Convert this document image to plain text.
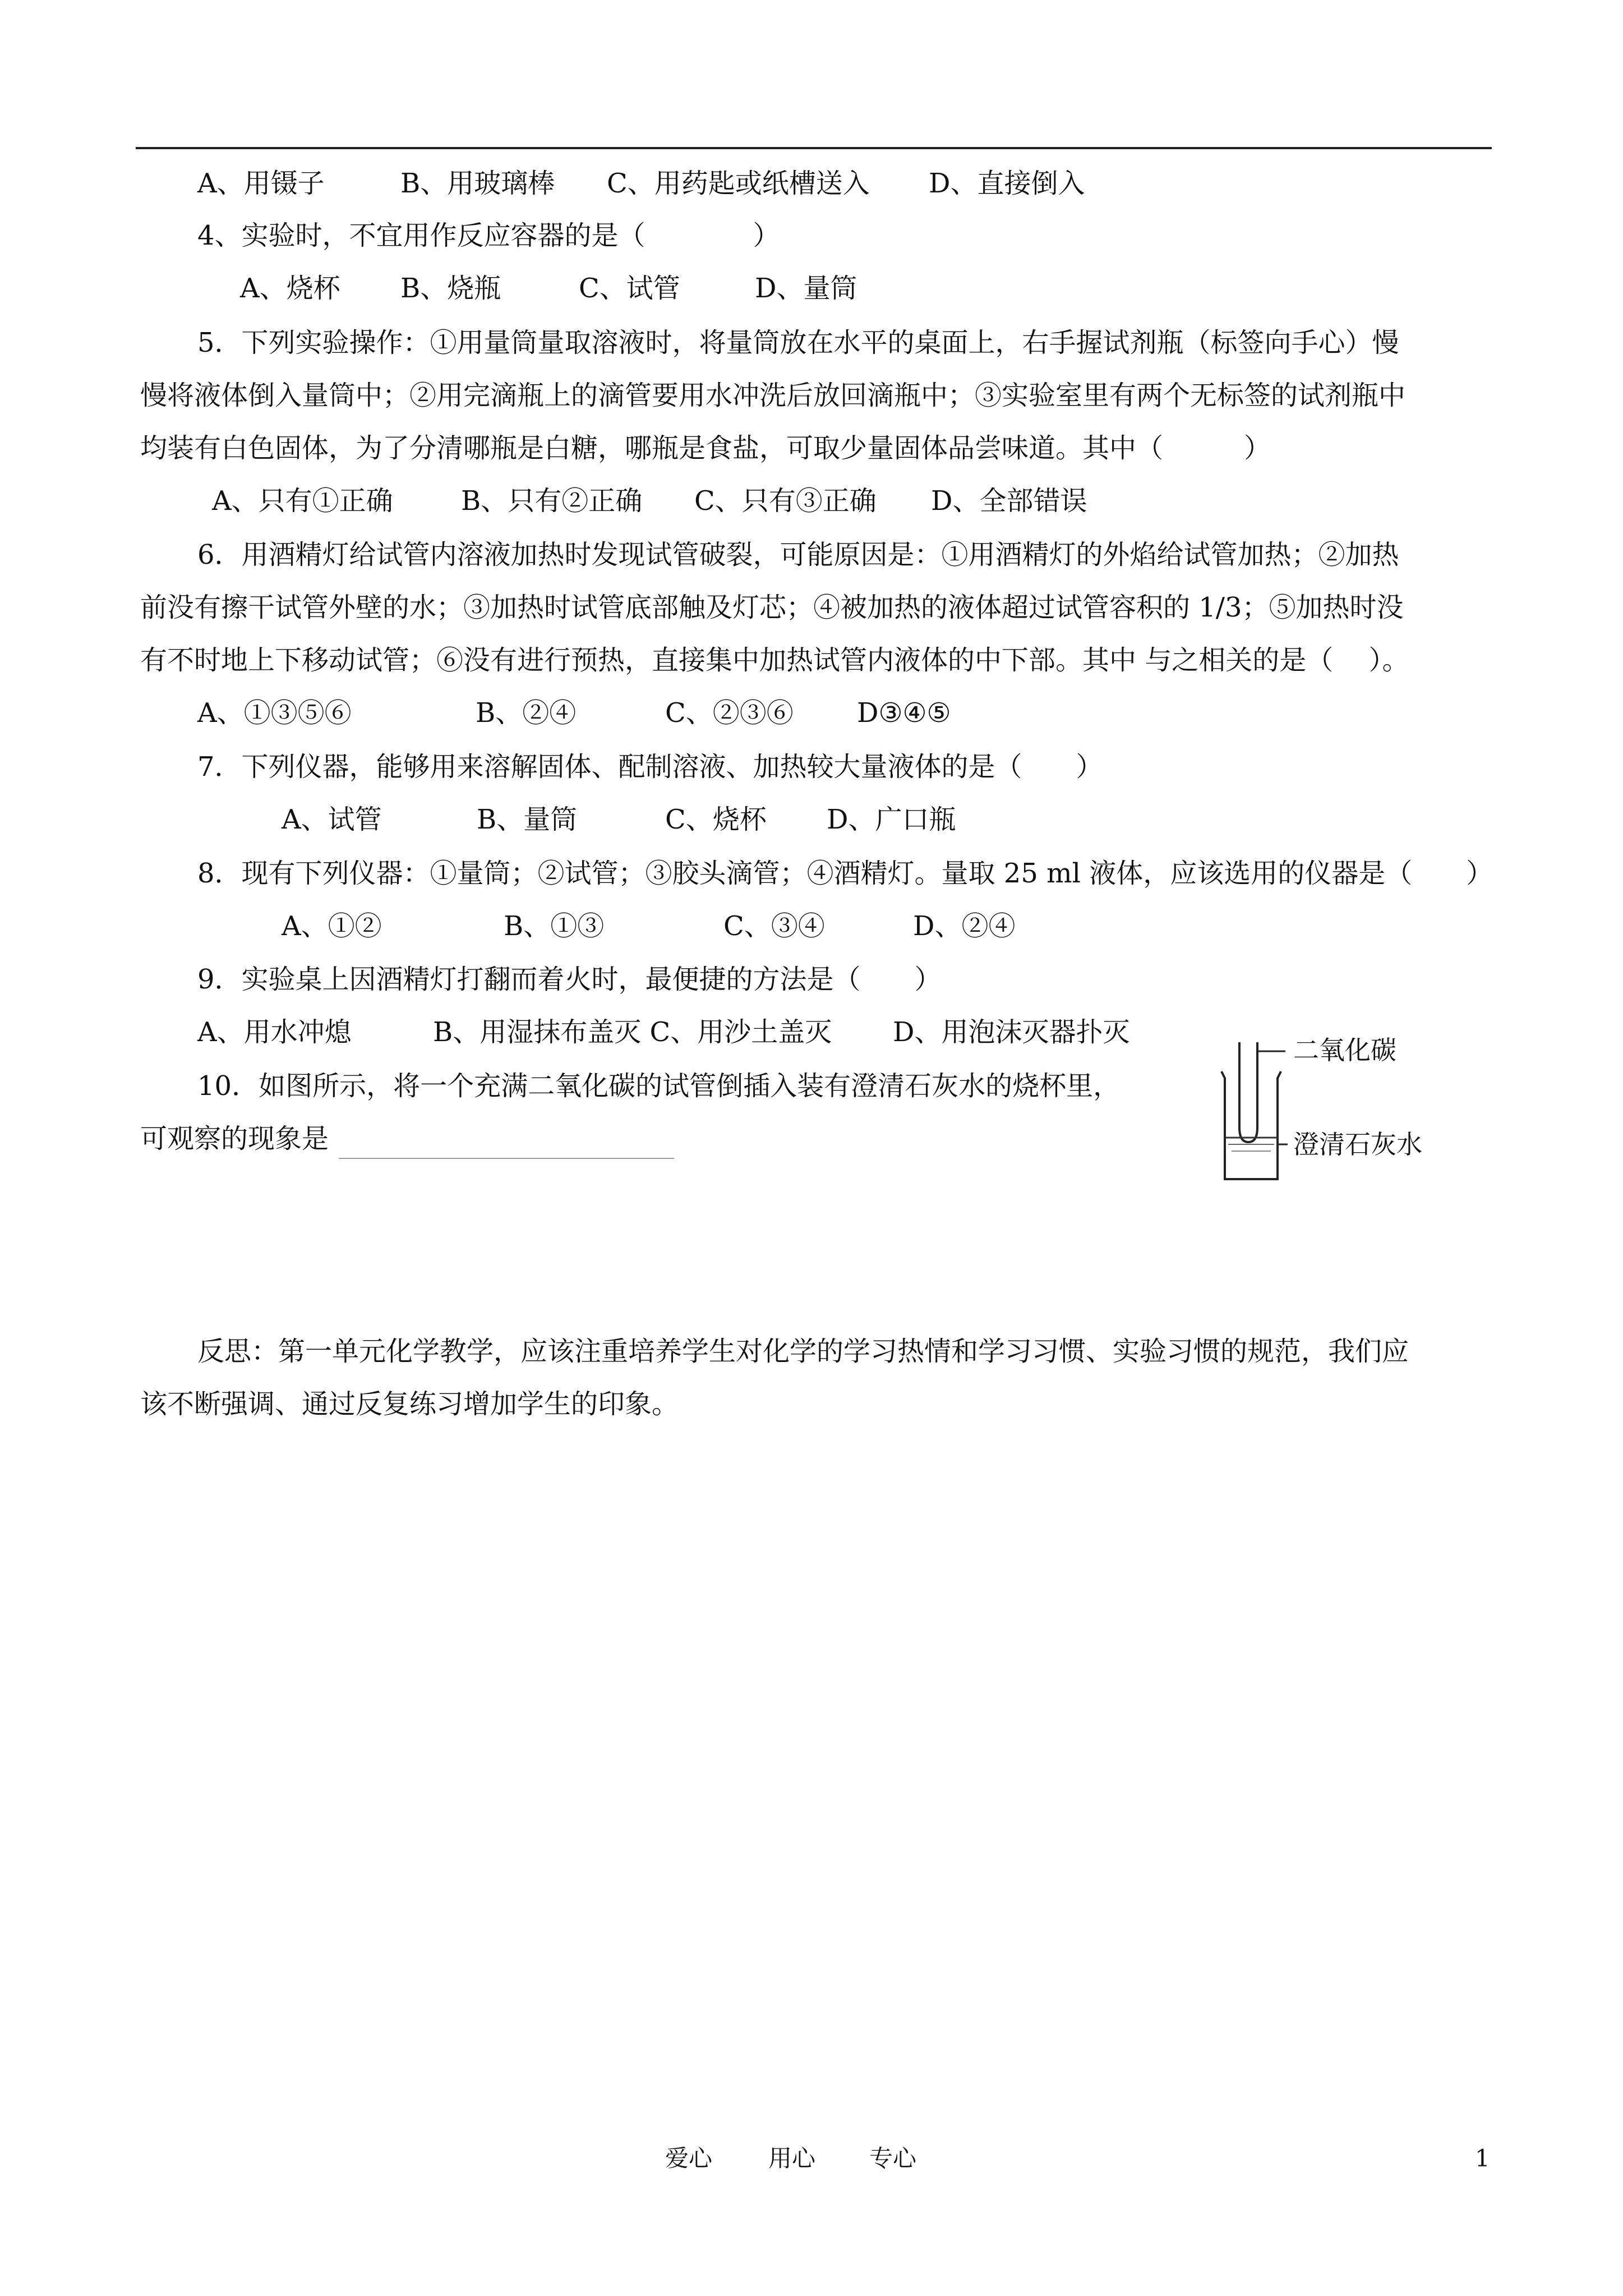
A、用镊子	B、用玻璃棒 C、用药匙或纸槽送入 D、直接倒入
4、实验时，不宜用作反应容器的是（　　　　）
A、烧杯 B、烧瓶	C、试管	D、量筒
5．下列实验操作：①用量筒量取溶液时，将量筒放在水平的桌面上，右手握试剂瓶（标签向手心）慢
慢将液体倒入量筒中；②用完滴瓶上的滴管要用水冲洗后放回滴瓶中；③实验室里有两个无标签的试剂瓶中
均装有白色固体，为了分清哪瓶是白糖，哪瓶是食盐，可取少量固体品尝味道。其中（　　　）
A、只有①正确	B、只有②正确 C、只有③正确 D、全部错误
6．用酒精灯给试管内溶液加热时发现试管破裂，可能原因是：①用酒精灯的外焰给试管加热；②加热
前没有擦干试管外壁的水；③加热时试管底部触及灯芯；④被加热的液体超过试管容积的 1/3；⑤加热时没
有不时地上下移动试管；⑥没有进行预热，直接集中加热试管内液体的中下部。其中 与之相关的是（　 ）。
A、①③⑤⑥	B、②④	C、②③⑥ D③④⑤
7．下列仪器，能够用来溶解固体、配制溶液、加热较大量液体的是（　　）
A、试管	B、量筒	C、烧杯 D、广口瓶
8．现有下列仪器：①量筒；②试管；③胶头滴管；④酒精灯。量取 25 ml 液体，应该选用的仪器是（　　）
A、①②	B、①③	C、③④	D、②④
9．实验桌上因酒精灯打翻而着火时，最便捷的方法是（　　）
A、用水冲熄	B、用湿抹布盖灭 C、用沙土盖灭 D、用泡沫灭器扑灭
10．如图所示，将一个充满二氧化碳的试管倒插入装有澄清石灰水的烧杯里，
可观察的现象是
二氧化碳
澄清石灰水
反思：第一单元化学教学，应该注重培养学生对化学的学习热情和学习习惯、实验习惯的规范，我们应
该不断强调、通过反复练习增加学生的印象。
爱心 用心 专心	1
